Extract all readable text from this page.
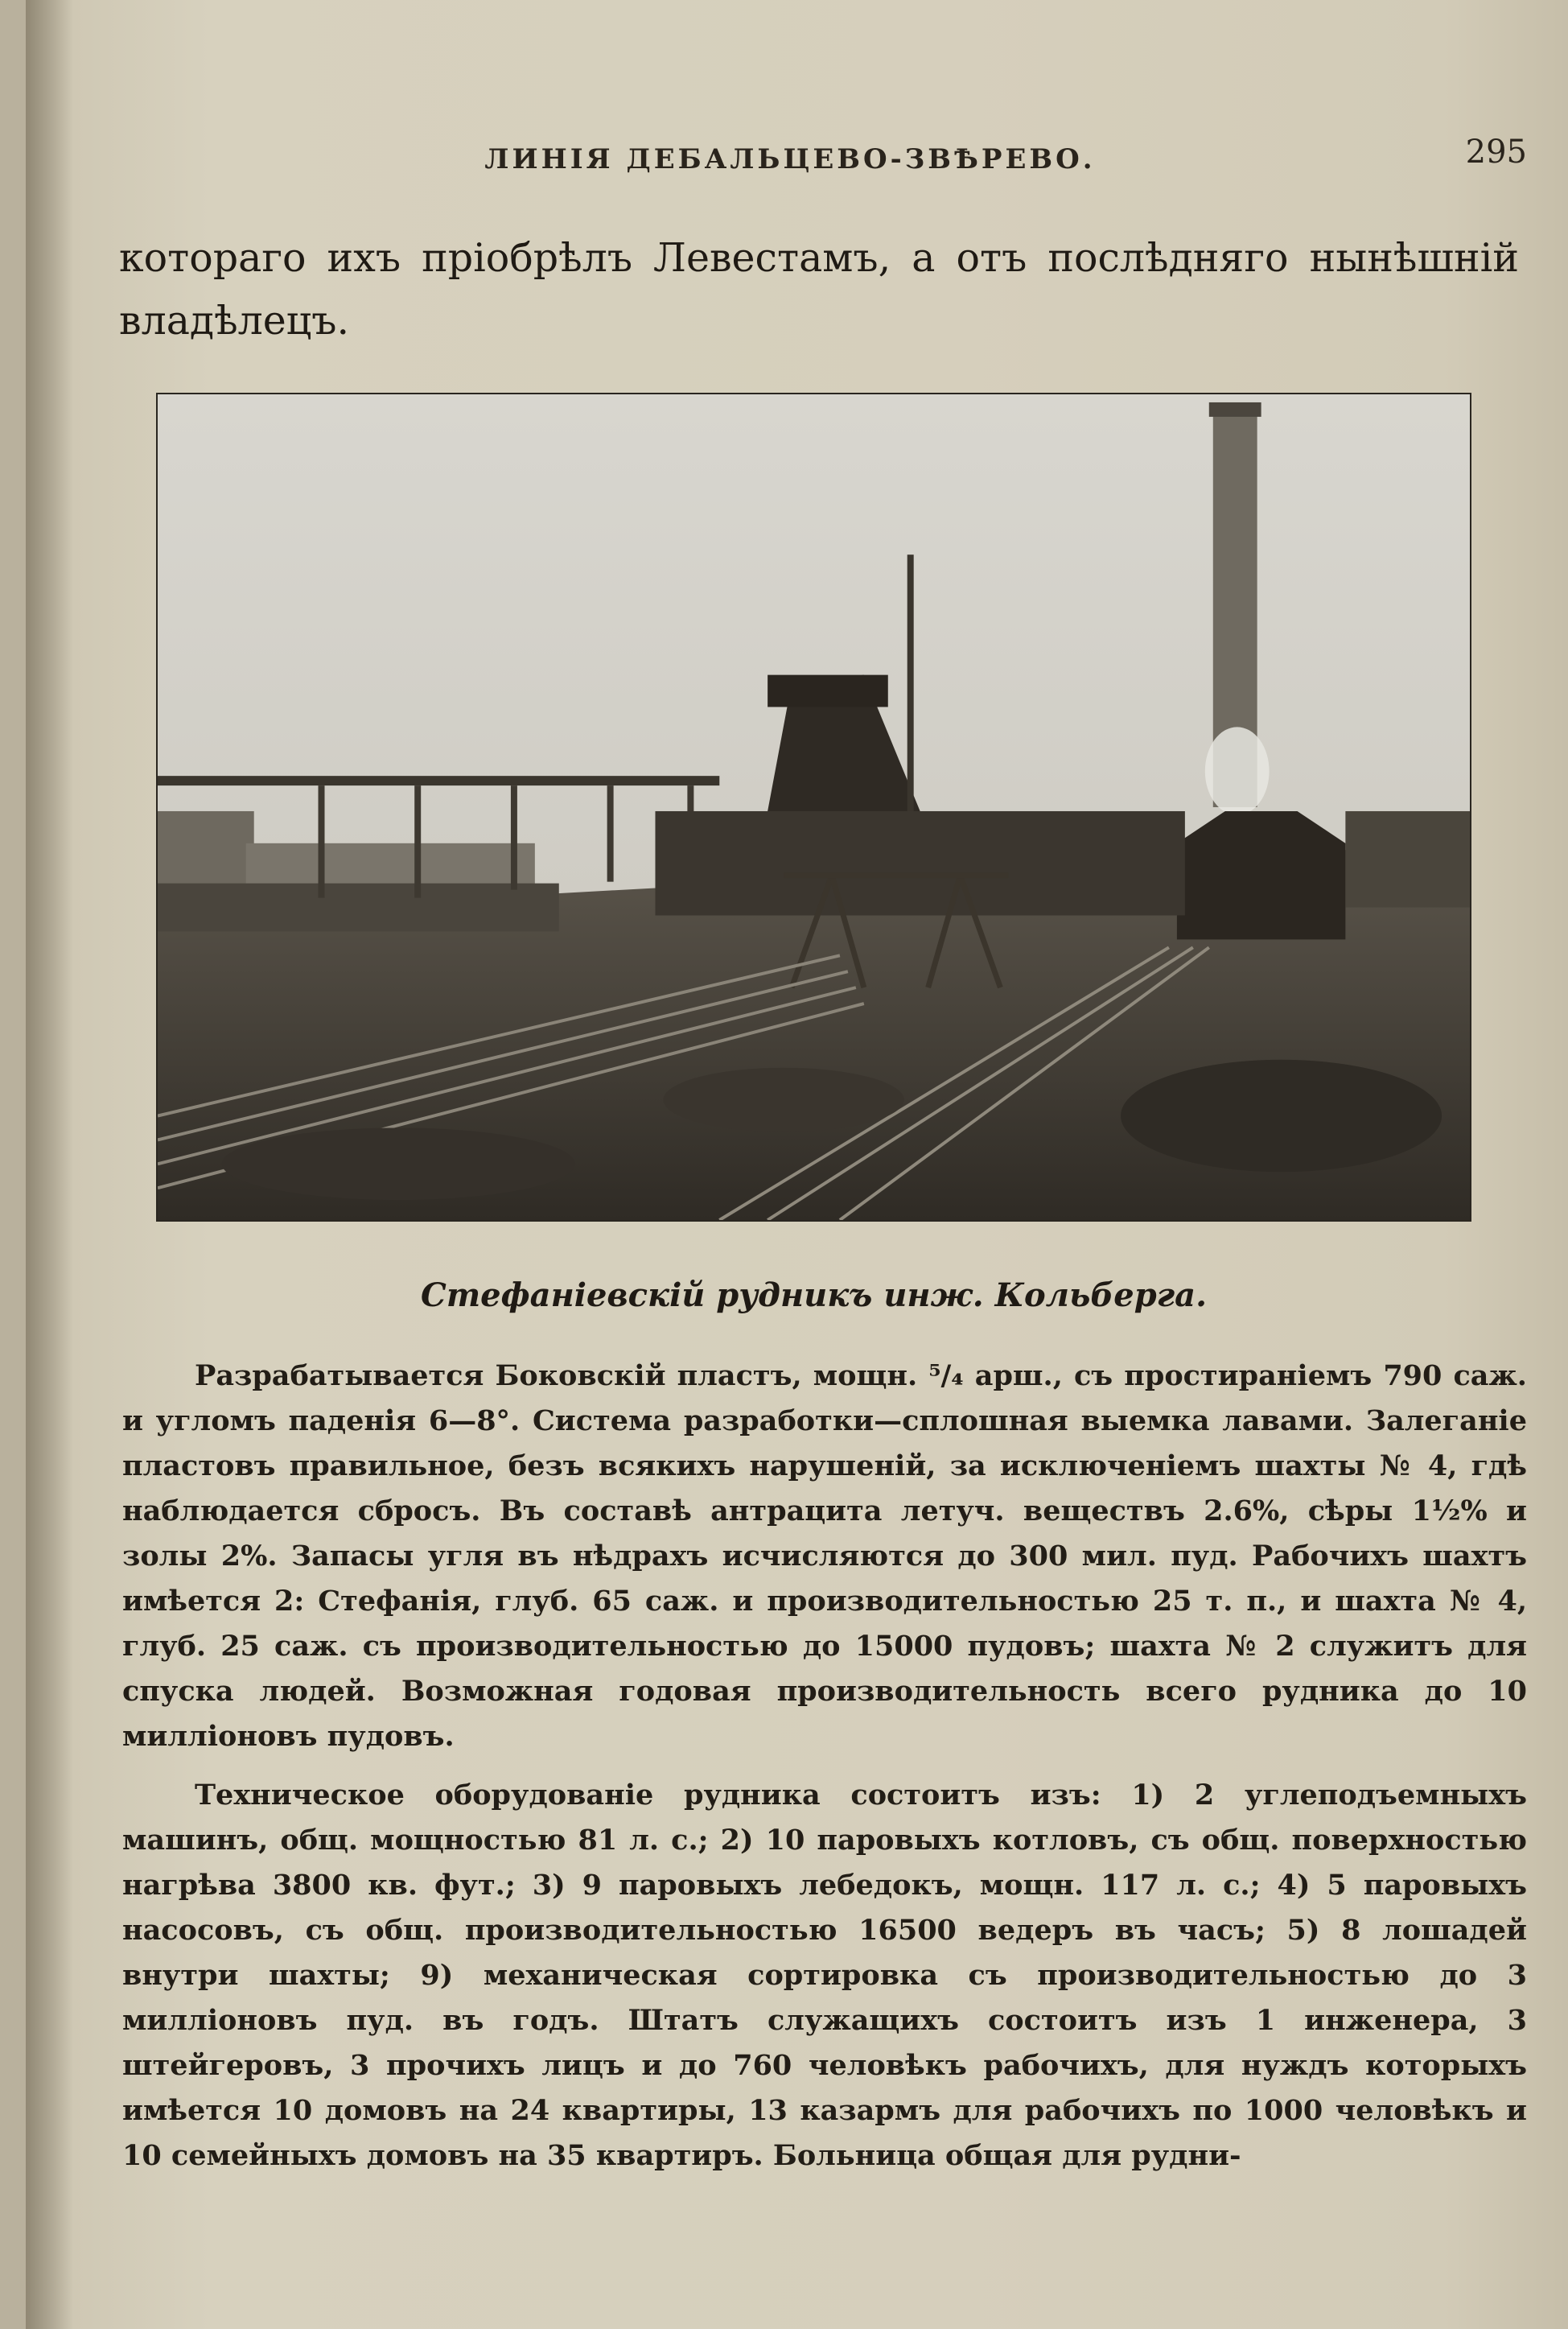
ЛИНІЯ ДЕБАЛЬЦЕВО-ЗВѢРЕВО.	295
котораго ихъ пріобрѣлъ Левестамъ, а отъ послѣдняго нынѣшній владѣлецъ.
Стефаніевскій рудникъ инж. Кольберга.
Разрабатывается Боковскій пластъ, мощн. ⁵/₄ арш., съ простираніемъ 790 саж. и угломъ паденія 6—8°. Система разработки—сплошная выемка лавами. Залеганіе пластовъ правильное, безъ всякихъ нарушеній, за исключеніемъ шахты № 4, гдѣ наблюдается сбросъ. Въ составѣ антрацита летуч. веществъ 2.6%, сѣры 1½% и золы 2%. Запасы угля въ нѣдрахъ исчисляются до 300 мил. пуд. Рабочихъ шахтъ имѣется 2: Стефанія, глуб. 65 саж. и производительностью 25 т. п., и шахта № 4, глуб. 25 саж. съ производительностью до 15000 пудовъ; шахта № 2 служитъ для спуска людей. Возможная годовая производительность всего рудника до 10 милліоновъ пудовъ.
Техническое оборудованіе рудника состоитъ изъ: 1) 2 углеподъемныхъ машинъ, общ. мощностью 81 л. с.; 2) 10 паровыхъ котловъ, съ общ. поверхностью нагрѣва 3800 кв. фут.; 3) 9 паровыхъ лебедокъ, мощн. 117 л. с.; 4) 5 паровыхъ насосовъ, съ общ. производительностью 16500 ведеръ въ часъ; 5) 8 лошадей внутри шахты; 9) механическая сортировка съ производительностью до 3 милліоновъ пуд. въ годъ. Штатъ служащихъ состоитъ изъ 1 инженера, 3 штейгеровъ, 3 прочихъ лицъ и до 760 человѣкъ рабочихъ, для нуждъ которыхъ имѣется 10 домовъ на 24 квартиры, 13 казармъ для рабочихъ по 1000 человѣкъ и 10 семейныхъ домовъ на 35 квартиръ. Больница общая для рудни-
